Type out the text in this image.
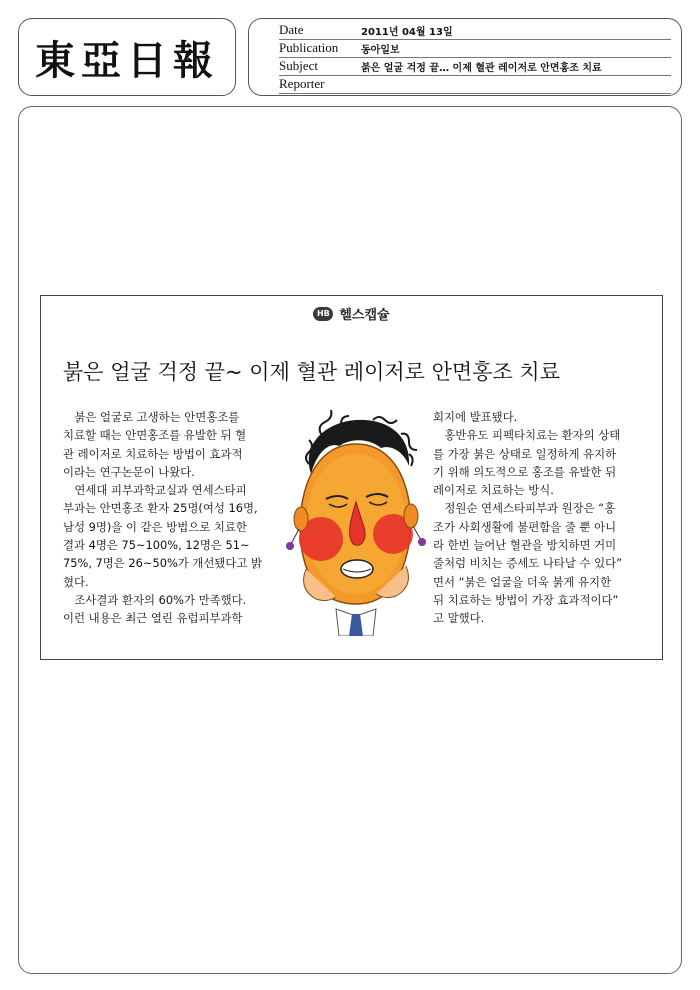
東亞日報
Date	2011년 04월 13일
Publication	동아일보
Subject	붉은 얼굴 걱정 끝… 이제 혈관 레이저로 안면홍조 치료
Reporter
HB 헬스캡슐
붉은 얼굴 걱정 끝~ 이제 혈관 레이저로 안면홍조 치료
붉은 얼굴로 고생하는 안면홍조를
치료할 때는 안면홍조를 유발한 뒤 혈
관 레이저로 치료하는 방법이 효과적
이라는 연구논문이 나왔다.
연세대 피부과학교실과 연세스타피
부과는 안면홍조 환자 25명(여성 16명,
남성 9명)을 이 같은 방법으로 치료한
결과 4명은 75~100%, 12명은 51~
75%, 7명은 26~50%가 개선됐다고 밝
혔다.
조사결과 환자의 60%가 만족했다.
이런 내용은 최근 열린 유럽피부과학
회지에 발표됐다.
홍반유도 피펙타치료는 환자의 상태
를 가장 붉은 상태로 일정하게 유지하
기 위해 의도적으로 홍조를 유발한 뒤
레이저로 치료하는 방식.
정원순 연세스타피부과 원장은 “홍
조가 사회생활에 불편함을 줄 뿐 아니
라 한번 늘어난 혈관을 방치하면 거미
줄처럼 비치는 증세도 나타날 수 있다”
면서 “붉은 얼굴을 더욱 붉게 유지한
뒤 치료하는 방법이 가장 효과적이다”
고 말했다.
